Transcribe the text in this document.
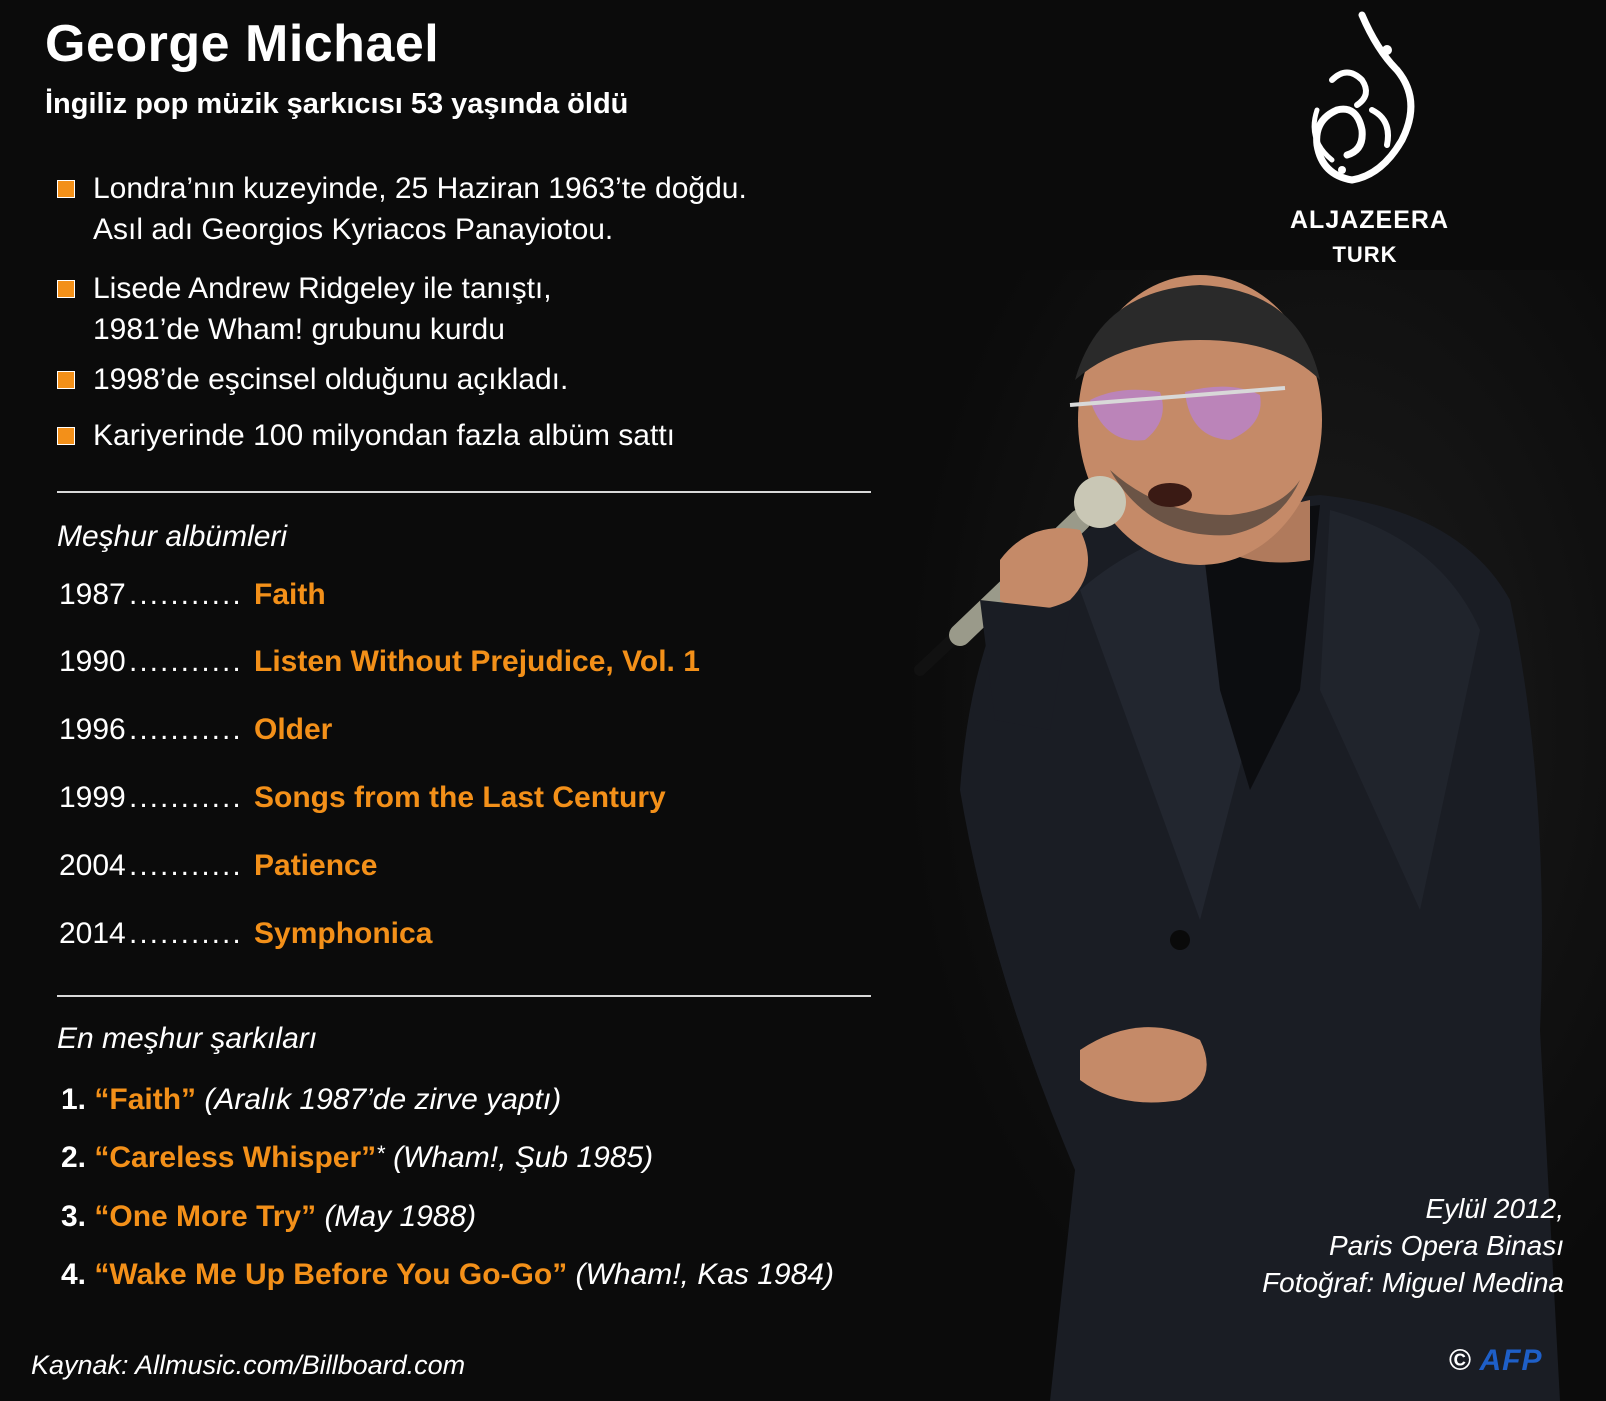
George Michael
İngiliz pop müzik şarkıcısı 53 yaşında öldü
ALJAZEERA
TURK
Londra’nın kuzeyinde, 25 Haziran 1963’te doğdu.
Asıl adı Georgios Kyriacos Panayiotou.
Lisede Andrew Ridgeley ile tanıştı,
1981’de Wham! grubunu kurdu
1998’de eşcinsel olduğunu açıkladı.
Kariyerinde 100 milyondan fazla albüm sattı
Meşhur albümleri
1987 ........... Faith
1990 ........... Listen Without Prejudice, Vol. 1
1996 ........... Older
1999 ........... Songs from the Last Century
2004 ........... Patience
2014 ........... Symphonica
En meşhur şarkıları
1. “Faith” (Aralık 1987’de zirve yaptı)
2. “Careless Whisper”* (Wham!, Şub 1985)
3. “One More Try” (May 1988)
4. “Wake Me Up Before You Go-Go” (Wham!, Kas 1984)
Eylül 2012,
Paris Opera Binası
Fotoğraf: Miguel Medina
Kaynak: Allmusic.com/Billboard.com	© AFP
